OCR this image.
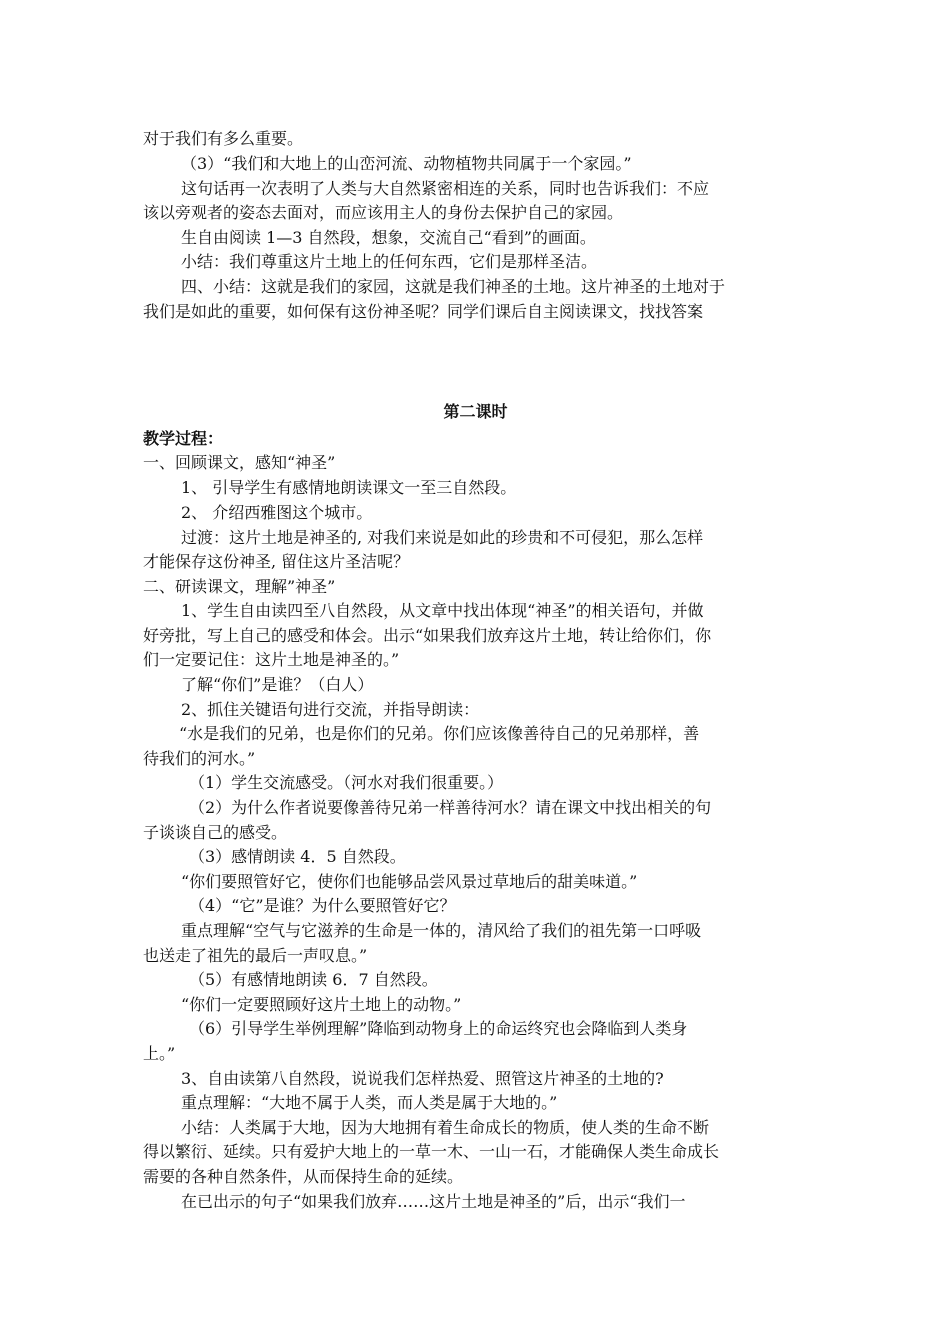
对于我们有多么重要。
（3）“我们和大地上的山峦河流、动物植物共同属于一个家园。”
这句话再一次表明了人类与大自然紧密相连的关系，同时也告诉我们：不应
该以旁观者的姿态去面对，而应该用主人的身份去保护自己的家园。
生自由阅读 1—3 自然段，想象，交流自己“看到”的画面。
小结：我们尊重这片土地上的任何东西，它们是那样圣洁。
四、小结：这就是我们的家园，这就是我们神圣的土地。这片神圣的土地对于
我们是如此的重要，如何保有这份神圣呢？同学们课后自主阅读课文，找找答案
第二课时
教学过程：
一、回顾课文，感知“神圣”
1、 引导学生有感情地朗读课文一至三自然段。
2、 介绍西雅图这个城市。
过渡：这片土地是神圣的, 对我们来说是如此的珍贵和不可侵犯，那么怎样
才能保存这份神圣, 留住这片圣洁呢？
二、研读课文，理解”神圣”
1、学生自由读四至八自然段，从文章中找出体现“神圣”的相关语句，并做
好旁批，写上自己的感受和体会。出示“如果我们放弃这片土地，转让给你们，你
们一定要记住：这片土地是神圣的。”
了解“你们”是谁？（白人）
2、抓住关键语句进行交流，并指导朗读：
“水是我们的兄弟，也是你们的兄弟。你们应该像善待自己的兄弟那样，善
待我们的河水。”
（1）学生交流感受。（河水对我们很重要。）
（2）为什么作者说要像善待兄弟一样善待河水？请在课文中找出相关的句
子谈谈自己的感受。
（3）感情朗读 4．5 自然段。
“你们要照管好它，使你们也能够品尝风景过草地后的甜美味道。”
（4）“它”是谁？为什么要照管好它？
重点理解“空气与它滋养的生命是一体的，清风给了我们的祖先第一口呼吸
也送走了祖先的最后一声叹息。”
（5）有感情地朗读 6．7 自然段。
“你们一定要照顾好这片土地上的动物。”
（6）引导学生举例理解”降临到动物身上的命运终究也会降临到人类身
上。”
3、自由读第八自然段，说说我们怎样热爱、照管这片神圣的土地的?
重点理解：“大地不属于人类，而人类是属于大地的。”
小结：人类属于大地，因为大地拥有着生命成长的物质，使人类的生命不断
得以繁衍、延续。只有爱护大地上的一草一木、一山一石，才能确保人类生命成长
需要的各种自然条件，从而保持生命的延续。
在已出示的句子“如果我们放弃……这片土地是神圣的”后，出示“我们一
